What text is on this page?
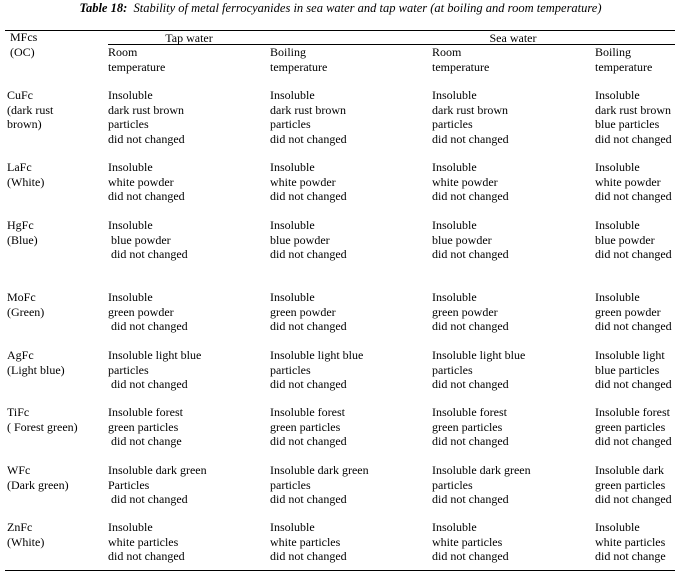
Table 18: Stability of metal ferrocyanides in sea water and tap water (at boiling and room temperature)
MFcs
(OC)
Tap water	Sea water
Room
temperature
Boiling
temperature
Room
temperature
Boiling
temperature
CuFc
(dark rust
brown)
Insoluble
dark rust brown
particles
did not changed
Insoluble
dark rust brown
particles
did not changed
Insoluble
dark rust brown
particles
did not changed
Insoluble
dark rust brown
blue particles
did not changed
LaFc
(White)
Insoluble
white powder
did not changed
Insoluble
white powder
did not changed
Insoluble
white powder
did not changed
Insoluble
white powder
did not changed
HgFc
(Blue)
Insoluble
blue powder
did not changed
Insoluble
blue powder
did not changed
Insoluble
blue powder
did not changed
Insoluble
blue powder
did not changed
MoFc
(Green)
Insoluble
green powder
did not changed
Insoluble
green powder
did not changed
Insoluble
green powder
did not changed
Insoluble
green powder
did not changed
AgFc
(Light blue)
Insoluble light blue
particles
did not changed
Insoluble light blue
particles
did not changed
Insoluble light blue
particles
did not changed
Insoluble light
blue particles
did not changed
TiFc
( Forest green)
Insoluble forest
green particles
did not change
Insoluble forest
green particles
did not changed
Insoluble forest
green particles
did not changed
Insoluble forest
green particles
did not changed
WFc
(Dark green)
Insoluble dark green
Particles
did not changed
Insoluble dark green
particles
did not changed
Insoluble dark green
particles
did not changed
Insoluble dark
green particles
did not changed
ZnFc
(White)
Insoluble
white particles
did not changed
Insoluble
white particles
did not changed
Insoluble
white particles
did not changed
Insoluble
white particles
did not change
